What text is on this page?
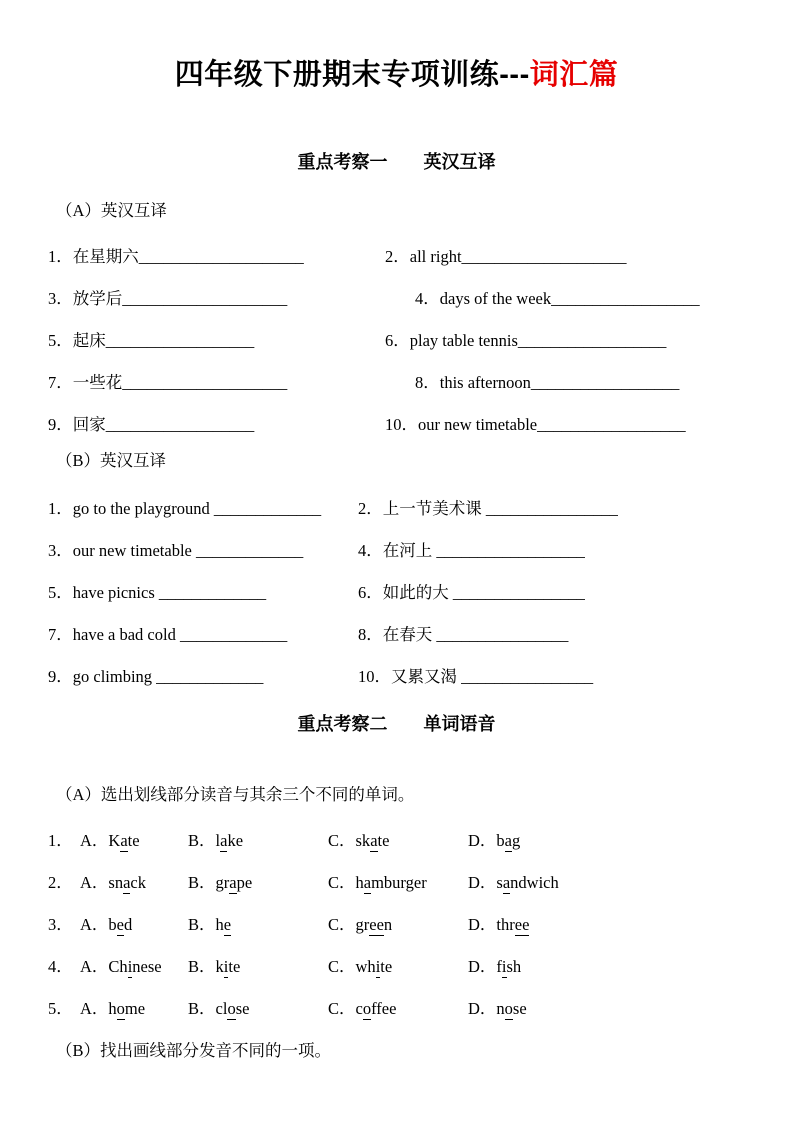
四年级下册期末专项训练---词汇篇
重点考察一　　英汉互译
（A）英汉互译
1．在星期六____________________	2．all right____________________
3．放学后____________________	4．days of the week__________________
5．起床__________________	6．play table tennis__________________
7．一些花____________________	8．this afternoon__________________
9．回家__________________	10．our new timetable__________________
（B）英汉互译
1．go to the playground _____________	2．上一节美术课 ________________
3．our new timetable _____________	4．在河上 __________________
5．have picnics _____________	6．如此的大 ________________
7．have a bad cold _____________	8．在春天 ________________
9．go climbing _____________	10．又累又渴 ________________
重点考察二　　单词语音
（A）选出划线部分读音与其余三个不同的单词。
1． A．Kate	B．lake	C．skate	D．bag
2． A．snack	B．grape	C．hamburger	D．sandwich
3． A．bed	B．he	C．green	D．three
4． A．Chinese	B．kite	C．white	D．fish
5． A．home	B．close	C．coffee	D．nose
（B）找出画线部分发音不同的一项。
